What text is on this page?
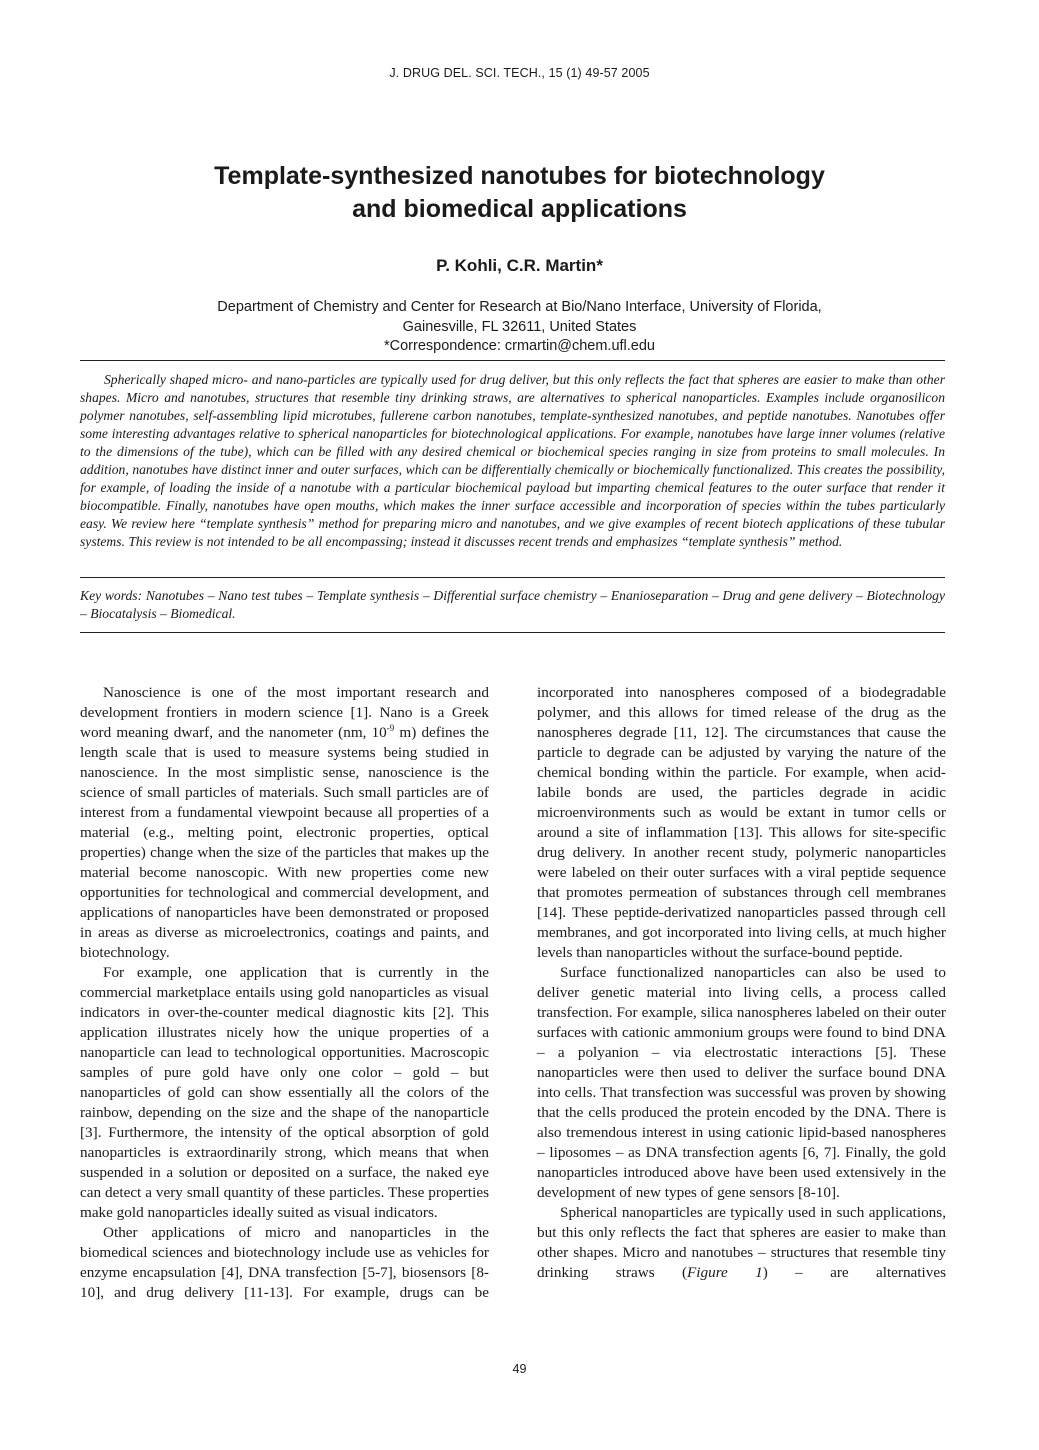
J. DRUG DEL. SCI. TECH., 15 (1) 49-57 2005
Template-synthesized nanotubes for biotechnology
and biomedical applications
P. Kohli, C.R. Martin*
Department of Chemistry and Center for Research at Bio/Nano Interface, University of Florida,
Gainesville, FL 32611, United States
*Correspondence: crmartin@chem.ufl.edu

Spherically shaped micro- and nano-particles are typically used for drug deliver, but this only reflects the fact that spheres are easier to make than other shapes. Micro and nanotubes, structures that resemble tiny drinking straws, are alternatives to spherical nanoparticles. Examples include organosilicon polymer nanotubes, self-assembling lipid microtubes, fullerene carbon nanotubes, template-synthesized nanotubes, and peptide nanotubes. Nanotubes offer some interesting advantages relative to spherical nanoparticles for biotechnological applications. For example, nanotubes have large inner volumes (relative to the dimensions of the tube), which can be filled with any desired chemical or biochemical species ranging in size from proteins to small molecules. In addition, nanotubes have distinct inner and outer surfaces, which can be differentially chemically or biochemically functionalized. This creates the possibility, for example, of loading the inside of a nanotube with a particular biochemical payload but imparting chemical features to the outer surface that render it biocompatible. Finally, nanotubes have open mouths, which makes the inner surface accessible and incorporation of species within the tubes particularly easy. We review here “template synthesis” method for preparing micro and nanotubes, and we give examples of recent biotech applications of these tubular systems. This review is not intended to be all encompassing; instead it discusses recent trends and emphasizes “template synthesis” method.

Key words: Nanotubes – Nano test tubes – Template synthesis – Differential surface chemistry – Enanioseparation – Drug and gene delivery – Biotechnology – Biocatalysis – Biomedical.

Nanoscience is one of the most important research and development frontiers in modern science [1]. Nano is a Greek word meaning dwarf, and the nanometer (nm, $10^{-9}$ m) defines the length scale that is used to measure systems being studied in nanoscience. In the most simplistic sense, nanoscience is the science of small particles of materials. Such small particles are of interest from a fundamental viewpoint because all properties of a material (e.g., melting point, electronic properties, optical properties) change when the size of the particles that makes up the material become nanoscopic. With new properties come new opportunities for technological and commercial development, and applications of nanoparticles have been demonstrated or proposed in areas as diverse as microelectronics, coatings and paints, and biotechnology.

For example, one application that is currently in the commercial marketplace entails using gold nanoparticles as visual indicators in over-the-counter medical diagnostic kits [2]. This application illustrates nicely how the unique properties of a nanoparticle can lead to technological opportunities. Macroscopic samples of pure gold have only one color – gold – but nanoparticles of gold can show essentially all the colors of the rainbow, depending on the size and the shape of the nanoparticle [3]. Furthermore, the intensity of the optical absorption of gold nanoparticles is extraordinarily strong, which means that when suspended in a solution or deposited on a surface, the naked eye can detect a very small quantity of these particles. These properties make gold nanoparticles ideally suited as visual indicators.

Other applications of micro and nanoparticles in the biomedical sciences and biotechnology include use as vehicles for enzyme encapsulation [4], DNA transfection [5-7], biosensors [8-10], and drug delivery [11-13]. For example, drugs can be

incorporated into nanospheres composed of a biodegradable polymer, and this allows for timed release of the drug as the nanospheres degrade [11, 12]. The circumstances that cause the particle to degrade can be adjusted by varying the nature of the chemical bonding within the particle. For example, when acid-labile bonds are used, the particles degrade in acidic microenvironments such as would be extant in tumor cells or around a site of inflammation [13]. This allows for site-specific drug delivery. In another recent study, polymeric nanoparticles were labeled on their outer surfaces with a viral peptide sequence that promotes permeation of substances through cell membranes [14]. These peptide-derivatized nanoparticles passed through cell membranes, and got incorporated into living cells, at much higher levels than nanoparticles without the surface-bound peptide.

Surface functionalized nanoparticles can also be used to deliver genetic material into living cells, a process called transfection. For example, silica nanospheres labeled on their outer surfaces with cationic ammonium groups were found to bind DNA – a polyanion – via electrostatic interactions [5]. These nanoparticles were then used to deliver the surface bound DNA into cells. That transfection was successful was proven by showing that the cells produced the protein encoded by the DNA. There is also tremendous interest in using cationic lipid-based nanospheres – liposomes – as DNA transfection agents [6, 7]. Finally, the gold nanoparticles introduced above have been used extensively in the development of new types of gene sensors [8-10].

Spherical nanoparticles are typically used in such applications, but this only reflects the fact that spheres are easier to make than other shapes. Micro and nanotubes – structures that resemble tiny drinking straws (Figure 1) – are alternatives

49
